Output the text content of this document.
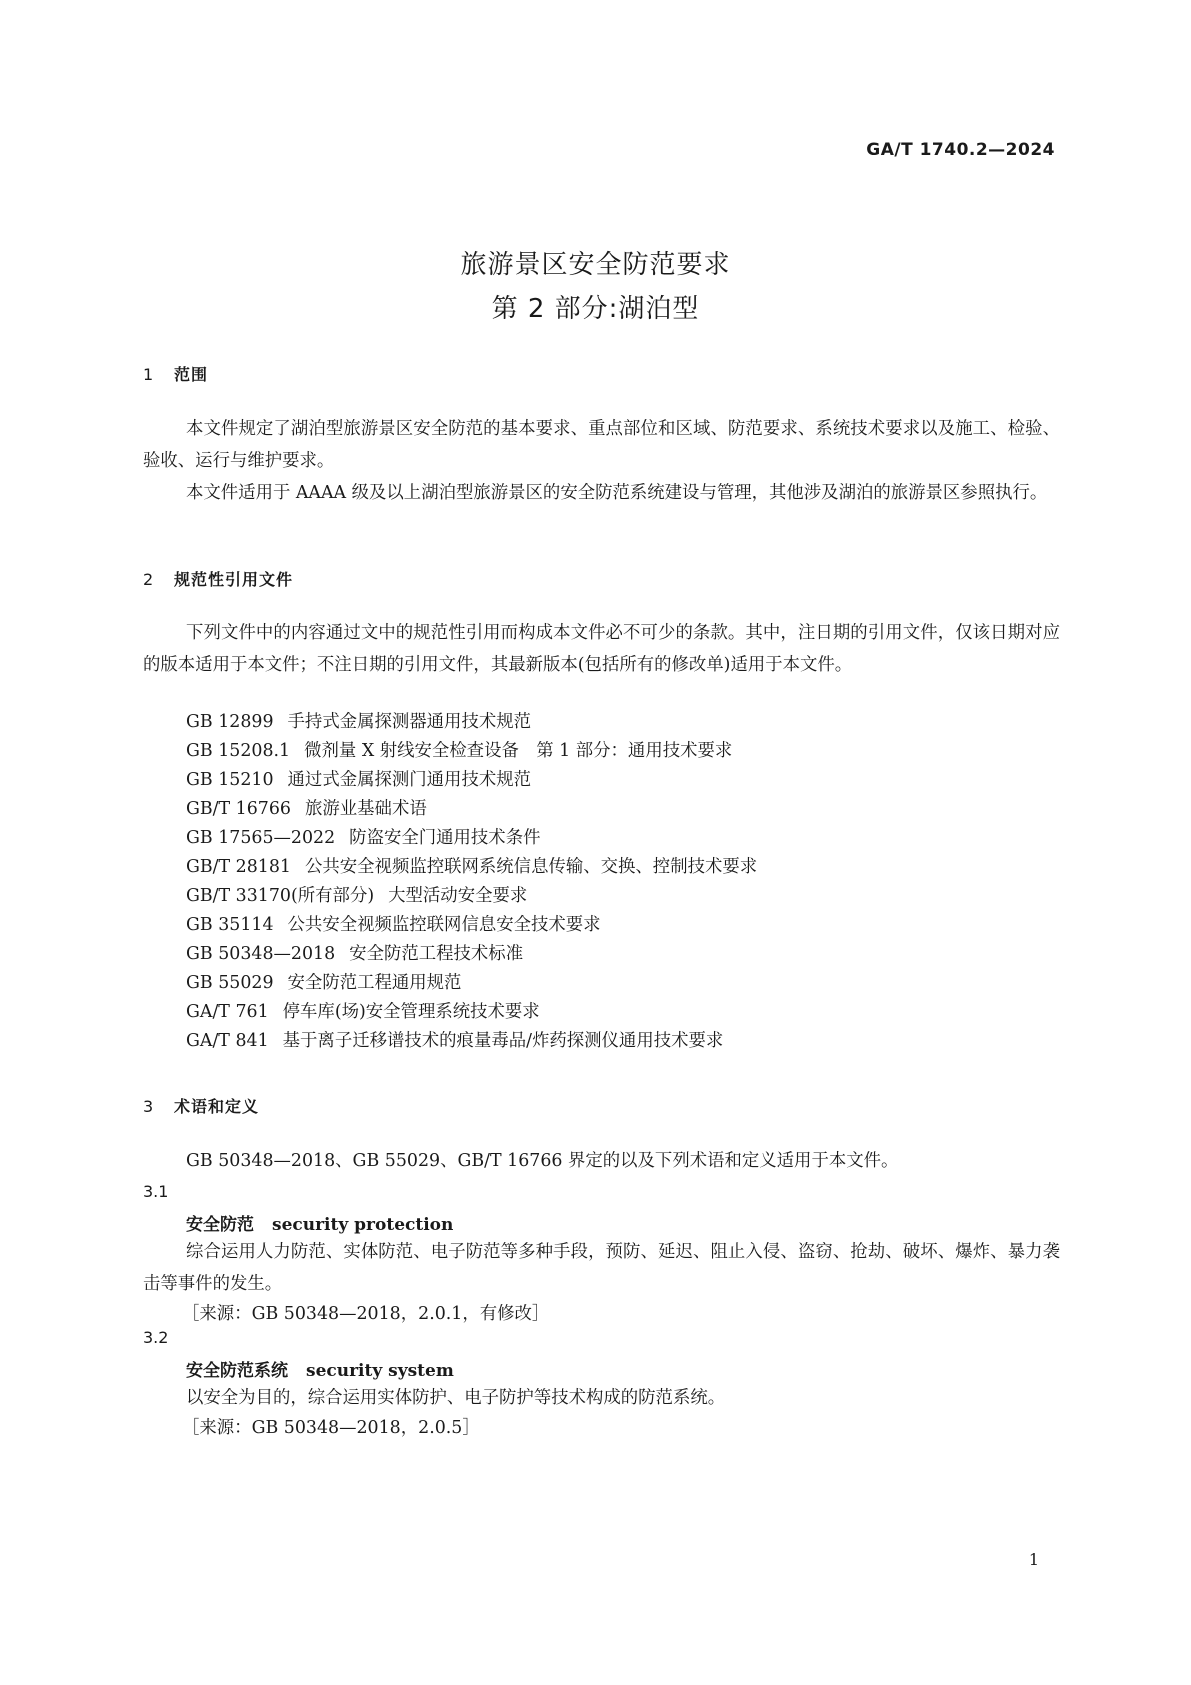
GA/T 1740.2—2024
旅游景区安全防范要求
第 2 部分:湖泊型
1 范围

本文件规定了湖泊型旅游景区安全防范的基本要求、重点部位和区域、防范要求、系统技术要求以及施工、检验、验收、运行与维护要求。

本文件适用于 AAAA 级及以上湖泊型旅游景区的安全防范系统建设与管理，其他涉及湖泊的旅游景区参照执行。

2 规范性引用文件

下列文件中的内容通过文中的规范性引用而构成本文件必不可少的条款。其中，注日期的引用文件，仅该日期对应的版本适用于本文件；不注日期的引用文件，其最新版本(包括所有的修改单)适用于本文件。

GB 12899 手持式金属探测器通用技术规范
GB 15208.1 微剂量 X 射线安全检查设备　第 1 部分：通用技术要求
GB 15210 通过式金属探测门通用技术规范
GB/T 16766 旅游业基础术语
GB 17565—2022 防盗安全门通用技术条件
GB/T 28181 公共安全视频监控联网系统信息传输、交换、控制技术要求
GB/T 33170(所有部分) 大型活动安全要求
GB 35114 公共安全视频监控联网信息安全技术要求
GB 50348—2018 安全防范工程技术标准
GB 55029 安全防范工程通用规范
GA/T 761 停车库(场)安全管理系统技术要求
GA/T 841 基于离子迁移谱技术的痕量毒品/炸药探测仪通用技术要求
3 术语和定义

GB 50348—2018、GB 55029、GB/T 16766 界定的以及下列术语和定义适用于本文件。

3.1
安全防范 security protection

综合运用人力防范、实体防范、电子防范等多种手段，预防、延迟、阻止入侵、盗窃、抢劫、破坏、爆炸、暴力袭击等事件的发生。

［来源：GB 50348—2018，2.0.1，有修改］
3.2
安全防范系统 security system

以安全为目的，综合运用实体防护、电子防护等技术构成的防范系统。

［来源：GB 50348—2018，2.0.5］
1
